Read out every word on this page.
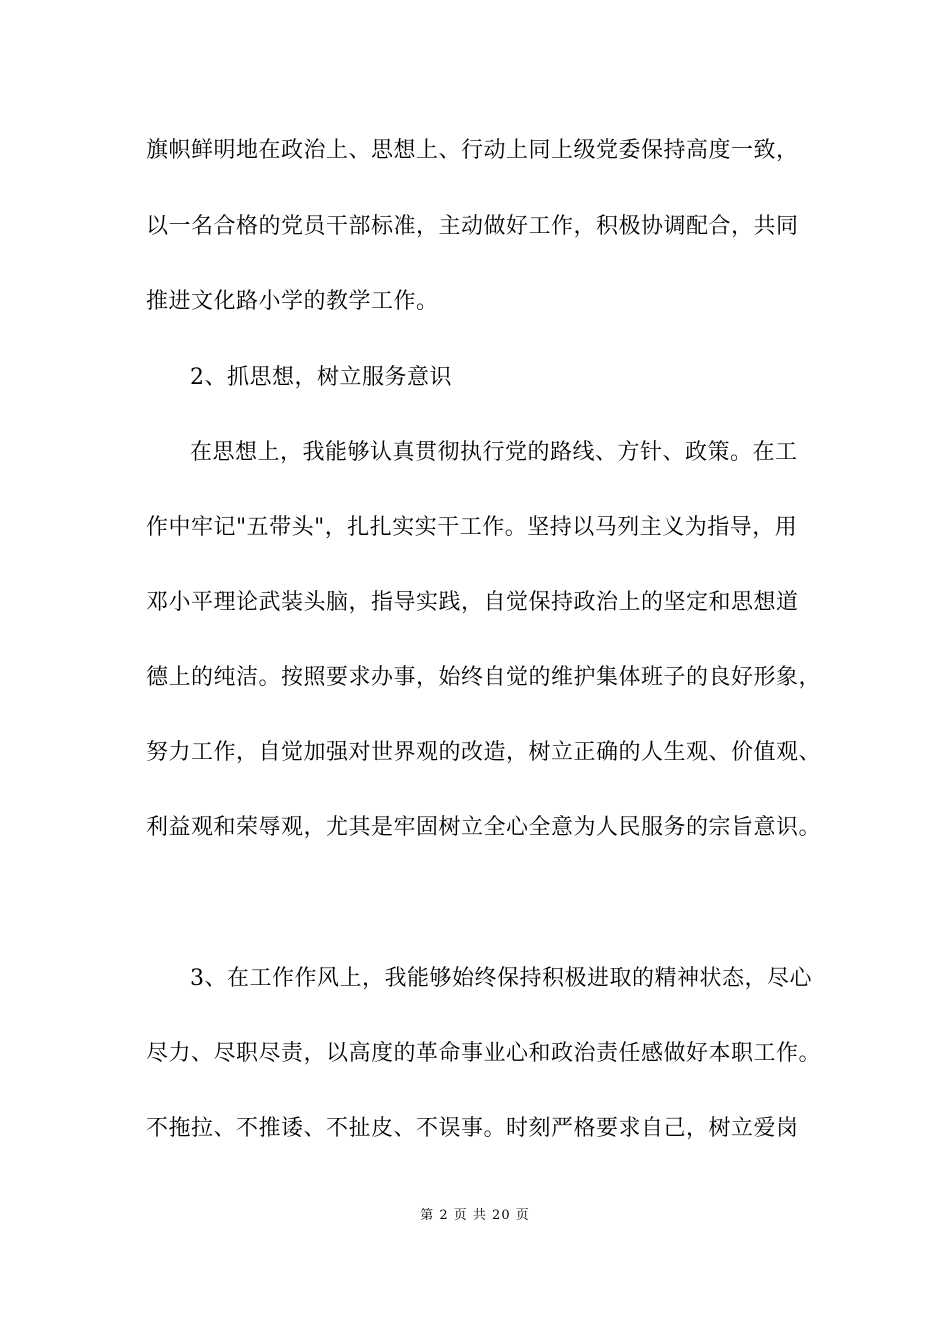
旗帜鲜明地在政治上、思想上、行动上同上级党委保持高度一致，
以一名合格的党员干部标准，主动做好工作，积极协调配合，共同
推进文化路小学的教学工作。
2、抓思想，树立服务意识
在思想上，我能够认真贯彻执行党的路线、方针、政策。在工
作中牢记"五带头"，扎扎实实干工作。坚持以马列主义为指导，用
邓小平理论武装头脑，指导实践，自觉保持政治上的坚定和思想道
德上的纯洁。按照要求办事，始终自觉的维护集体班子的良好形象，
努力工作，自觉加强对世界观的改造，树立正确的人生观、价值观、
利益观和荣辱观，尤其是牢固树立全心全意为人民服务的宗旨意识。
3、在工作作风上，我能够始终保持积极进取的精神状态，尽心
尽力、尽职尽责，以高度的革命事业心和政治责任感做好本职工作。
不拖拉、不推诿、不扯皮、不误事。时刻严格要求自己，树立爱岗
第 2 页 共 20 页
